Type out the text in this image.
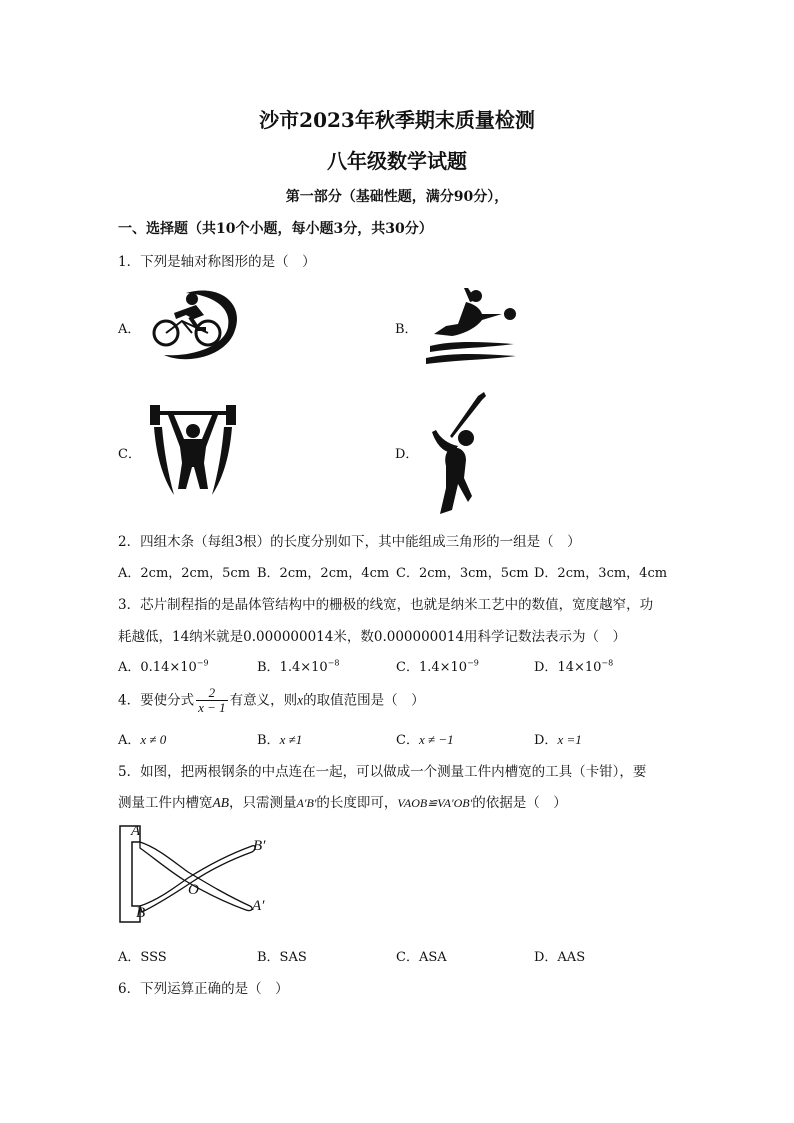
沙市2023年秋季期末质量检测
八年级数学试题
第一部分（基础性题，满分90分），
一、选择题（共10个小题，每小题3分，共30分）
1．下列是轴对称图形的是（　）
A．	B．
C．	D．
2．四组木条（每组3根）的长度分别如下，其中能组成三角形的一组是（　）
A．2cm，2cm，5cm B．2cm，2cm，4cm C．2cm，3cm，5cm D．2cm，3cm，4cm
3．芯片制程指的是晶体管结构中的栅极的线宽，也就是纳米工艺中的数值，宽度越窄，功
耗越低，14纳米就是0.000000014米，数0.000000014用科学记数法表示为（　）
A．$0.14\times 10^{-9}$	B．$1.4\times 10^{-8}$	C．$1.4\times 10^{-9}$	D．$14\times 10^{-8}$
4．要使分式 $\frac{2}{x - 1}$ 有意义，则x的取值范围是（　）
A．x ≠ 0	B．x ≠1	C．x ≠ −1	D．x =1
5．如图，把两根钢条的中点连在一起，可以做成一个测量工件内槽宽的工具（卡钳），要
测量工件内槽宽AB，只需测量A′B′的长度即可，VAOB≌VA′OB′的依据是（　）
A
B
B′
A′
O
A．SSS	B．SAS	C．ASA	D．AAS
6．下列运算正确的是（　）
